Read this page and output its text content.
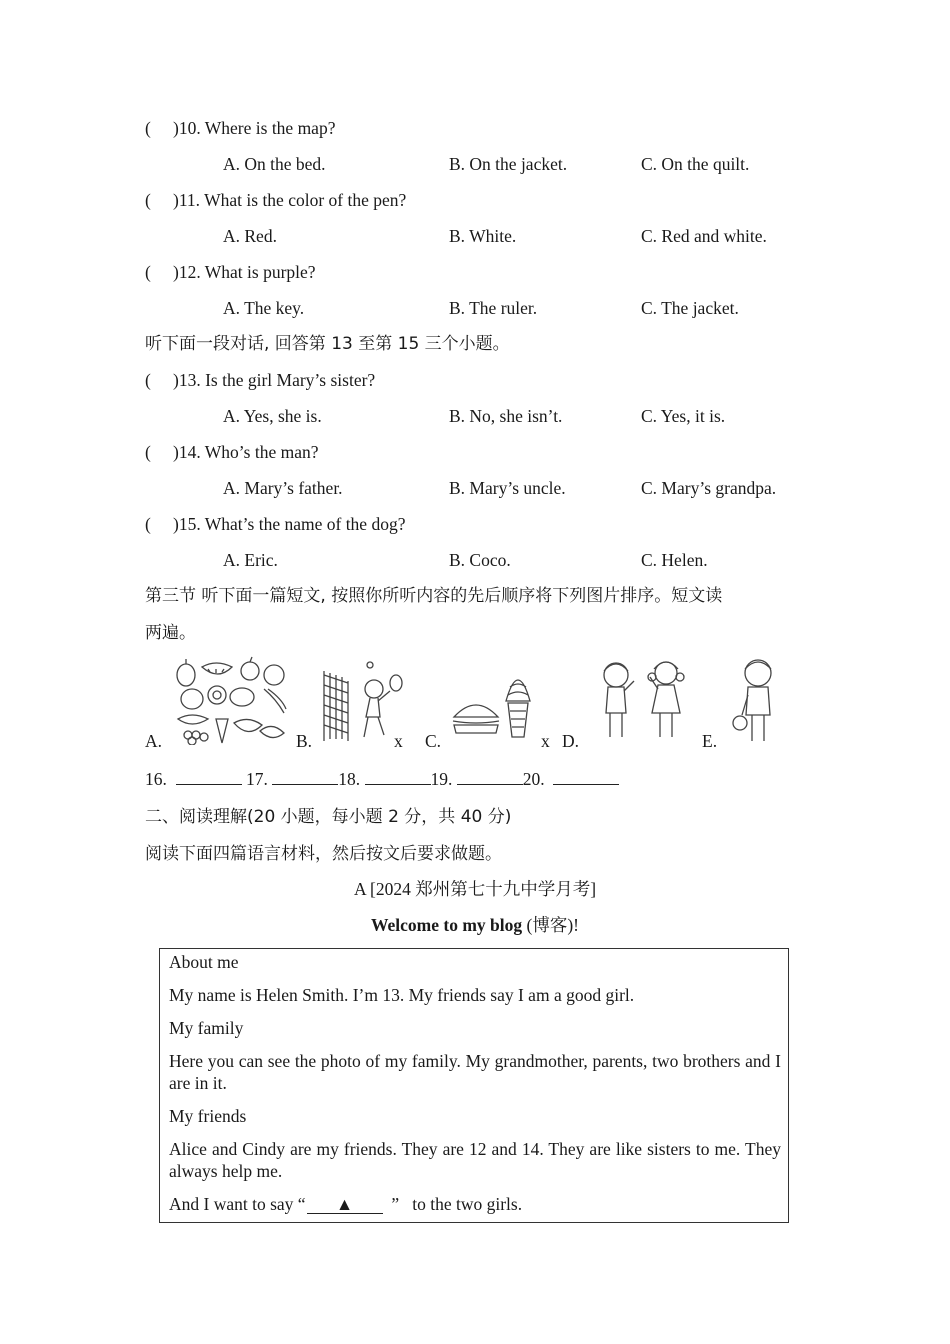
( )10. Where is the map?
A. On the bed.	B. On the jacket.	C. On the quilt.
( )11. What is the color of the pen?
A. Red.	B. White.	C. Red and white.
( )12. What is purple?
A. The key.	B. The ruler.	C. The jacket.
听下面一段对话, 回答第 13 至第 15 三个小题。
( )13. Is the girl Mary’s sister?
A. Yes, she is.	B. No, she isn’t.	C. Yes, it is.
( )14. Who’s the man?
A. Mary’s father.	B. Mary’s uncle.	C. Mary’s grandpa.
( )15. What’s the name of the dog?
A. Eric.	B. Coco.	C. Helen.
第三节 听下面一篇短文, 按照你所听内容的先后顺序将下列图片排序。短文读
两遍。
A.	B.	x C.	x D.	E.
16.	17.	18.	19.	20.
二、阅读理解(20 小题，每小题 2 分，共 40 分)
阅读下面四篇语言材料，然后按文后要求做题。
A [2024 郑州第七十九中学月考]
Welcome to my blog (博客)!
About me
My name is Helen Smith. I’m 13. My friends say I am a good girl.
My family
Here you can see the photo of my family. My grandmother, parents, two brothers and I are in it.
My friends
Alice and Cindy are my friends. They are 12 and 14. They are like sisters to me. They always help me.
And I want to say “ ▲ ” to the two girls.
